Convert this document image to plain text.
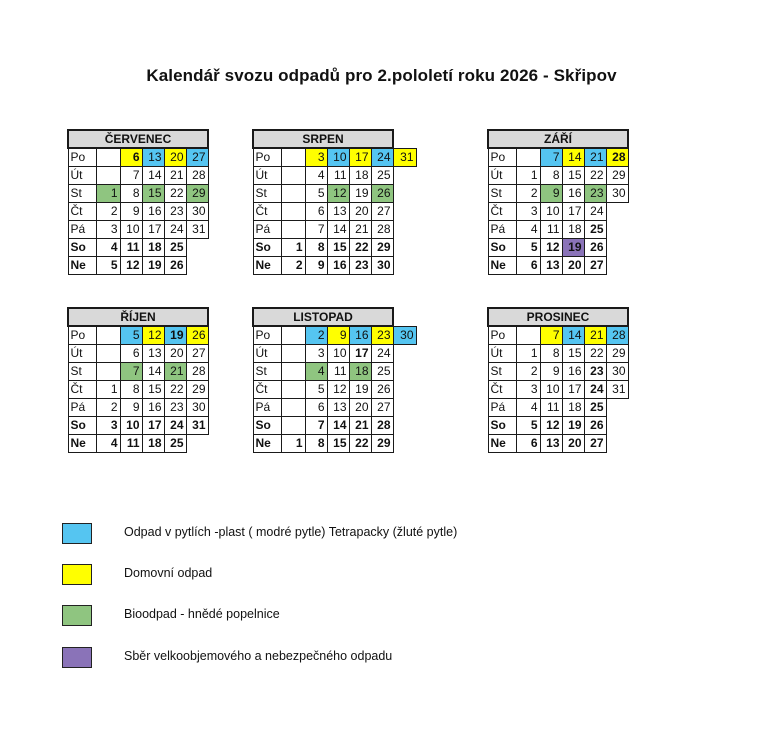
Kalendář svozu odpadů pro 2.pololetí roku 2026 - Skřipov
ČERVENEC					
Po		6	13	20	27
Út		7	14	21	28
St	1	8	15	22	29
Čt	2	9	16	23	30
Pá	3	10	17	24	31
So	4	11	18	25	
Ne	5	12	19	26	
SRPEN						
Po		3	10	17	24	31
Út		4	11	18	25	
St		5	12	19	26	
Čt		6	13	20	27	
Pá		7	14	21	28	
So	1	8	15	22	29	
Ne	2	9	16	23	30	
ZÁŘÍ					
Po		7	14	21	28
Út	1	8	15	22	29
St	2	9	16	23	30
Čt	3	10	17	24	
Pá	4	11	18	25	
So	5	12	19	26	
Ne	6	13	20	27	
ŘÍJEN					
Po		5	12	19	26
Út		6	13	20	27
St		7	14	21	28
Čt	1	8	15	22	29
Pá	2	9	16	23	30
So	3	10	17	24	31
Ne	4	11	18	25	
LISTOPAD						
Po		2	9	16	23	30
Út		3	10	17	24	
St		4	11	18	25	
Čt		5	12	19	26	
Pá		6	13	20	27	
So		7	14	21	28	
Ne	1	8	15	22	29	
PROSINEC					
Po		7	14	21	28
Út	1	8	15	22	29
St	2	9	16	23	30
Čt	3	10	17	24	31
Pá	4	11	18	25	
So	5	12	19	26	
Ne	6	13	20	27	
Odpad v pytlích -plast ( modré pytle) Tetrapacky (žluté pytle)
Domovní odpad
Bioodpad - hnědé popelnice
Sběr velkoobjemového a nebezpečného odpadu
